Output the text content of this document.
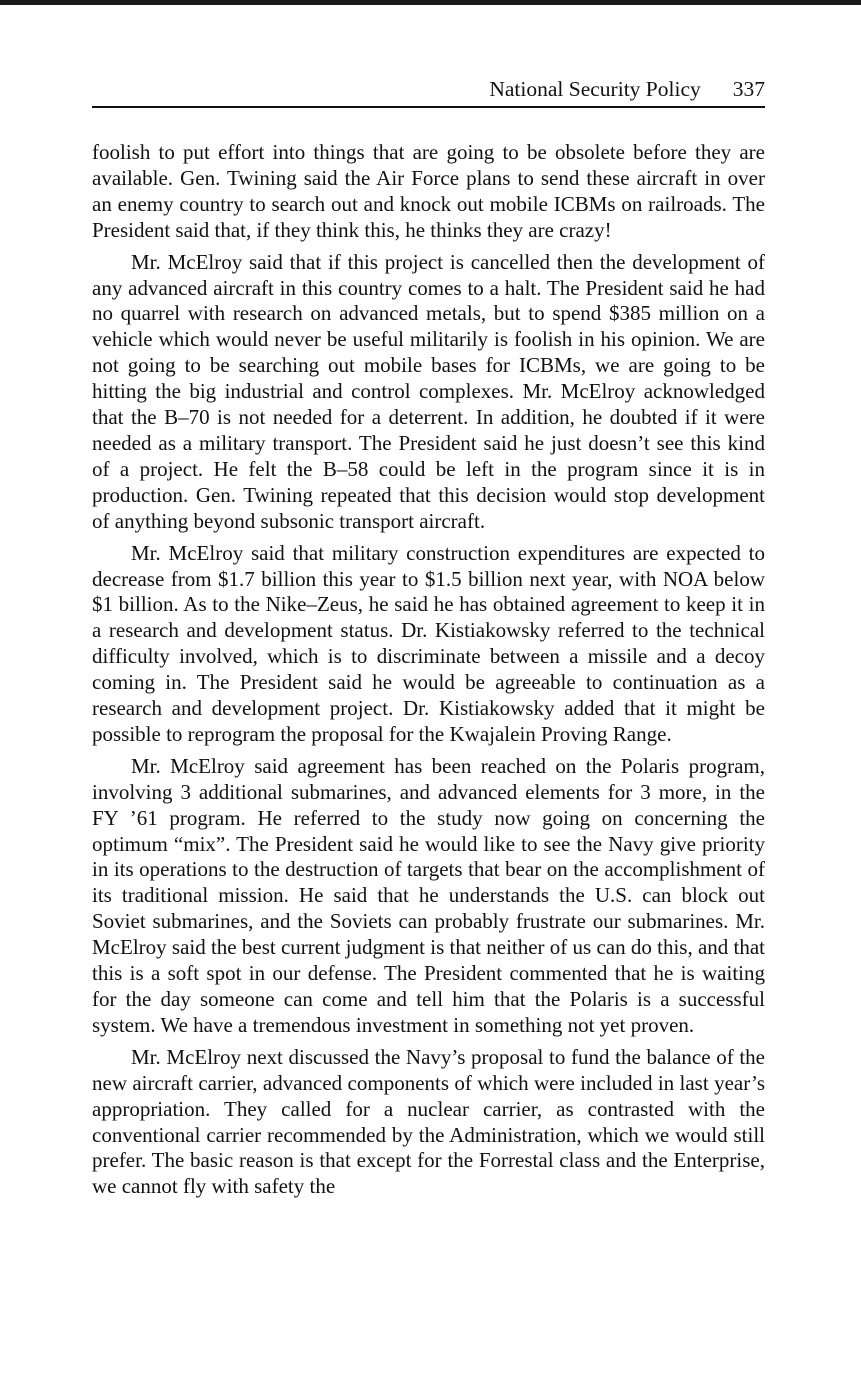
National Security Policy 337

foolish to put effort into things that are going to be obsolete before they are available. Gen. Twining said the Air Force plans to send these aircraft in over an enemy country to search out and knock out mobile ICBMs on railroads. The President said that, if they think this, he thinks they are crazy!

Mr. McElroy said that if this project is cancelled then the development of any advanced aircraft in this country comes to a halt. The President said he had no quarrel with research on advanced metals, but to spend $385 million on a vehicle which would never be useful militarily is foolish in his opinion. We are not going to be searching out mobile bases for ICBMs, we are going to be hitting the big industrial and control complexes. Mr. McElroy acknowledged that the B–70 is not needed for a deterrent. In addition, he doubted if it were needed as a military transport. The President said he just doesn’t see this kind of a project. He felt the B–58 could be left in the program since it is in production. Gen. Twining repeated that this decision would stop development of anything beyond subsonic transport aircraft.

Mr. McElroy said that military construction expenditures are expected to decrease from $1.7 billion this year to $1.5 billion next year, with NOA below $1 billion. As to the Nike–Zeus, he said he has obtained agreement to keep it in a research and development status. Dr. Kistiakowsky referred to the technical difficulty involved, which is to discriminate between a missile and a decoy coming in. The President said he would be agreeable to continuation as a research and development project. Dr. Kistiakowsky added that it might be possible to reprogram the proposal for the Kwajalein Proving Range.

Mr. McElroy said agreement has been reached on the Polaris program, involving 3 additional submarines, and advanced elements for 3 more, in the FY ’61 program. He referred to the study now going on concerning the optimum “mix”. The President said he would like to see the Navy give priority in its operations to the destruction of targets that bear on the accomplishment of its traditional mission. He said that he understands the U.S. can block out Soviet submarines, and the Soviets can probably frustrate our submarines. Mr. McElroy said the best current judgment is that neither of us can do this, and that this is a soft spot in our defense. The President commented that he is waiting for the day someone can come and tell him that the Polaris is a successful system. We have a tremendous investment in something not yet proven.

Mr. McElroy next discussed the Navy’s proposal to fund the balance of the new aircraft carrier, advanced components of which were included in last year’s appropriation. They called for a nuclear carrier, as contrasted with the conventional carrier recommended by the Administration, which we would still prefer. The basic reason is that except for the Forrestal class and the Enterprise, we cannot fly with safety the
